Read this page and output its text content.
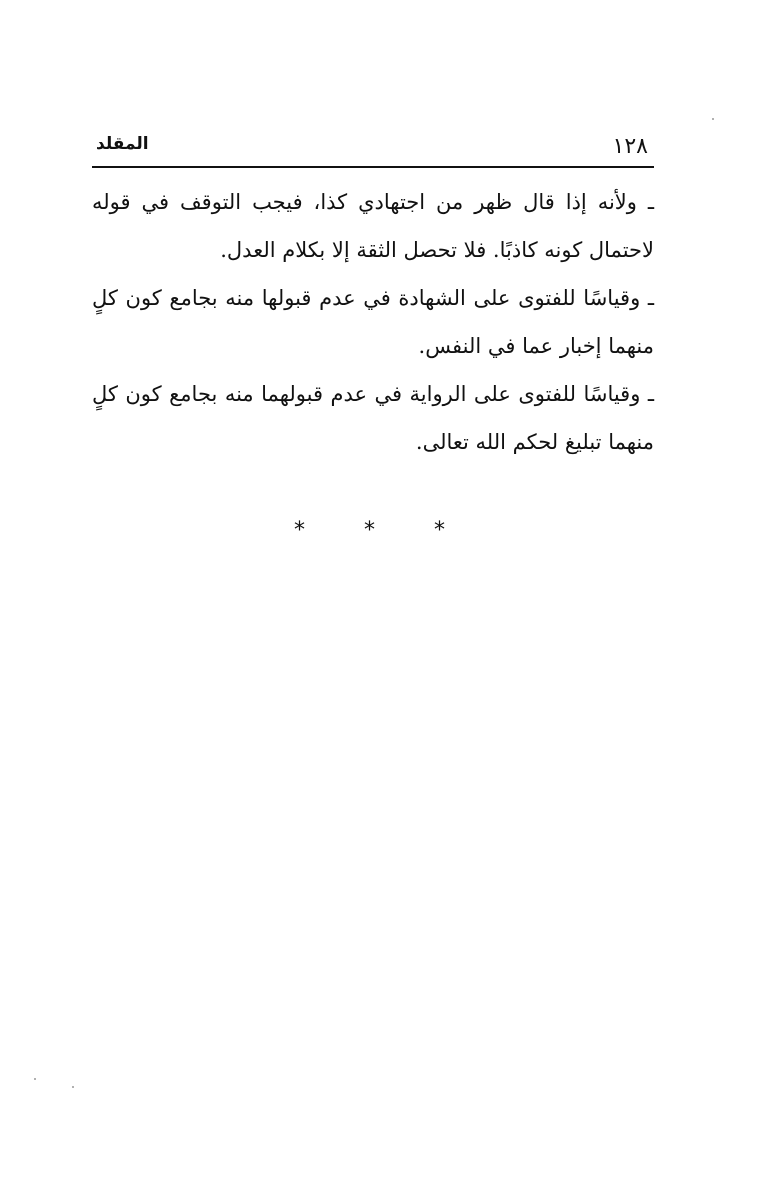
١٢٨
المقلد

ـ ولأنه إذا قال ظهر من اجتهادي كذا، فيجب التوقف في قوله لاحتمال كونه كاذبًا. فلا تحصل الثقة إلا بكلام العدل.

ـ وقياسًا للفتوى على الشهادة في عدم قبولها منه بجامع كون كلٍ منهما إخبار عما في النفس.

ـ وقياسًا للفتوى على الرواية في عدم قبولهما منه بجامع كون كلٍ منهما تبليغ لحكم الله تعالى.

* * *
